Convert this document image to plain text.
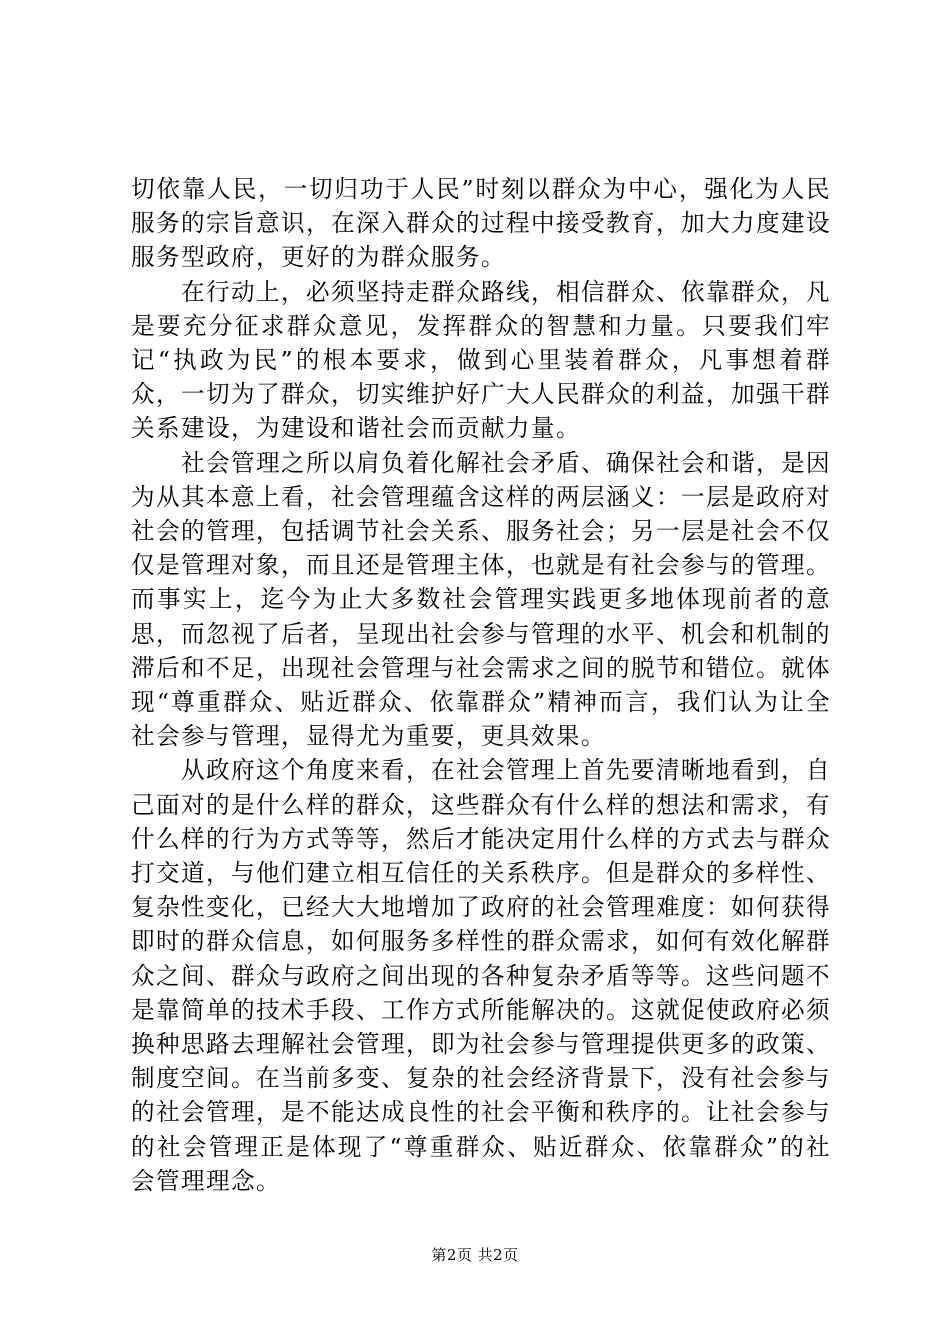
切依靠人民，一切归功于人民”时刻以群众为中心，强化为人民服务的宗旨意识，在深入群众的过程中接受教育，加大力度建设服务型政府，更好的为群众服务。

在行动上，必须坚持走群众路线，相信群众、依靠群众，凡是要充分征求群众意见，发挥群众的智慧和力量。只要我们牢记“执政为民”的根本要求，做到心里装着群众，凡事想着群众，一切为了群众，切实维护好广大人民群众的利益，加强干群关系建设，为建设和谐社会而贡献力量。

社会管理之所以肩负着化解社会矛盾、确保社会和谐，是因为从其本意上看，社会管理蕴含这样的两层涵义：一层是政府对社会的管理，包括调节社会关系、服务社会；另一层是社会不仅仅是管理对象，而且还是管理主体，也就是有社会参与的管理。而事实上，迄今为止大多数社会管理实践更多地体现前者的意思，而忽视了后者，呈现出社会参与管理的水平、机会和机制的滞后和不足，出现社会管理与社会需求之间的脱节和错位。就体现“尊重群众、贴近群众、依靠群众”精神而言，我们认为让全社会参与管理，显得尤为重要，更具效果。

从政府这个角度来看，在社会管理上首先要清晰地看到，自己面对的是什么样的群众，这些群众有什么样的想法和需求，有什么样的行为方式等等，然后才能决定用什么样的方式去与群众打交道，与他们建立相互信任的关系秩序。但是群众的多样性、复杂性变化，已经大大地增加了政府的社会管理难度：如何获得即时的群众信息，如何服务多样性的群众需求，如何有效化解群众之间、群众与政府之间出现的各种复杂矛盾等等。这些问题不是靠简单的技术手段、工作方式所能解决的。这就促使政府必须换种思路去理解社会管理，即为社会参与管理提供更多的政策、制度空间。在当前多变、复杂的社会经济背景下，没有社会参与的社会管理，是不能达成良性的社会平衡和秩序的。让社会参与的社会管理正是体现了“尊重群众、贴近群众、依靠群众”的社会管理理念。

第2页 共2页
